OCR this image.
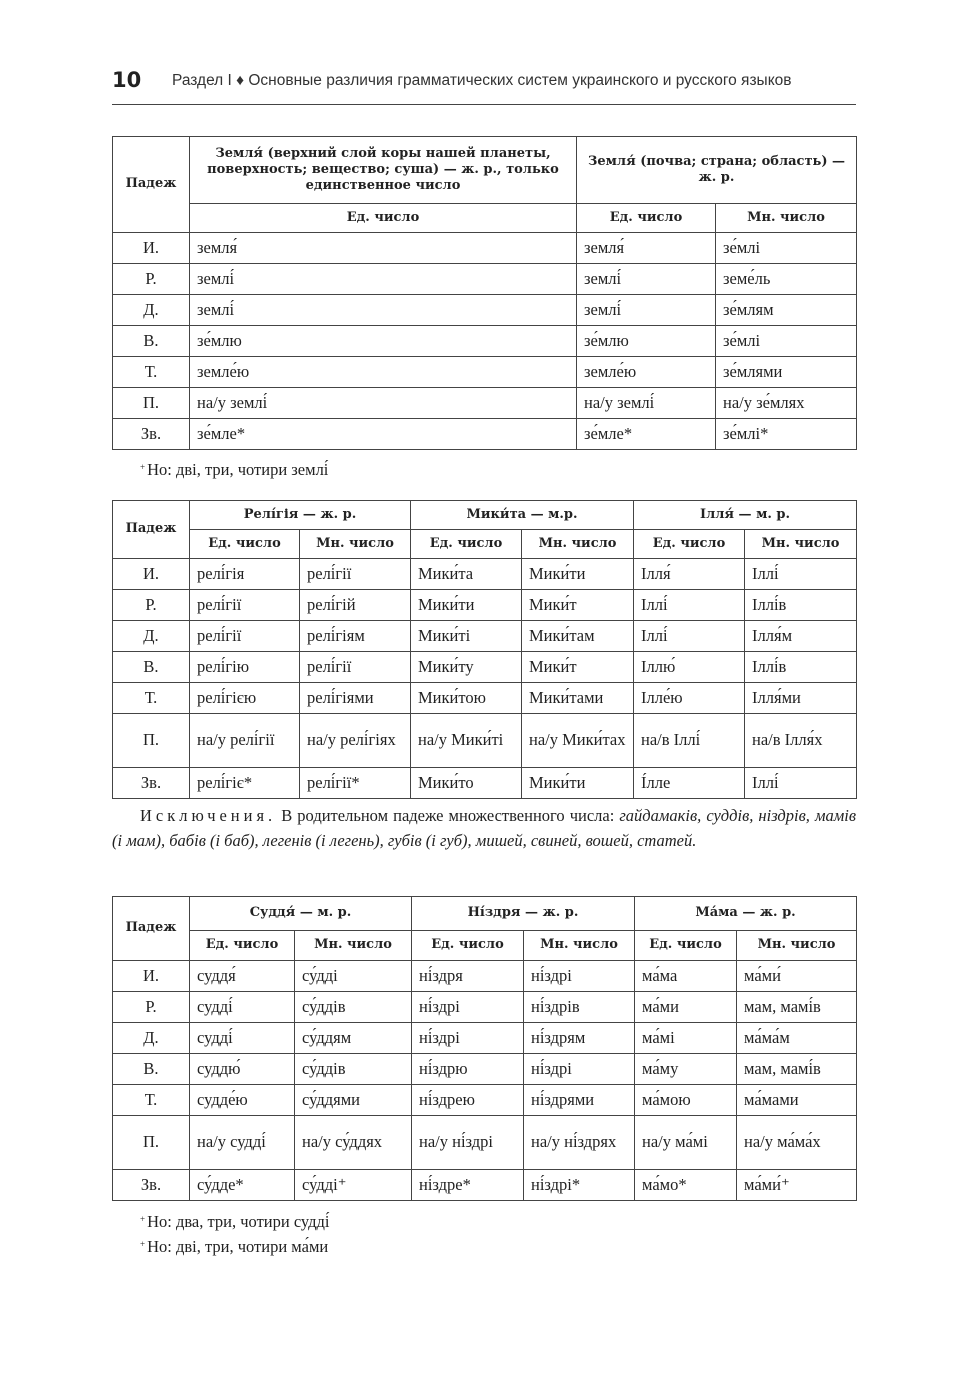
10 Раздел I ♦ Основные различия грамматических систем украинского и русского языков
Падеж	Земля́ (верхний слой коры нашей планеты, поверхность; вещество; суша) — ж. р., только единственное число	Земля́ (почва; страна; область) — ж. р.	
	Ед. число	Ед. число	Мн. число
И.	земля́	земля́	зе́млі
Р.	землі́	землі́	земе́ль
Д.	землі́	землі́	зе́млям
В.	зе́млю	зе́млю	зе́млі
Т.	земле́ю	земле́ю	зе́млями
П.	на/у землі́	на/у землі́	на/у зе́млях
Зв.	зе́мле*	зе́мле*	зе́млі*
+ Но: дві, три, чотири землі́
Падеж	Релі́гія — ж. р.		Мики́та — м.р.		Ілля́ — м. р.	
	Ед. число	Мн. число	Ед. число	Мн. число	Ед. число	Мн. число
И.	релі́гія	релі́гії	Мики́та	Мики́ти	Ілля́	Іллі́
Р.	релі́гії	релі́гій	Мики́ти	Мики́т	Іллі́	Іллі́в
Д.	релі́гії	релі́гіям	Мики́ті	Мики́там	Іллі́	Ілля́м
В.	релі́гію	релі́гії	Мики́ту	Мики́т	Іллю́	Іллі́в
Т.	релі́гією	релі́гіями	Мики́тою	Мики́тами	Ілле́ю	Ілля́ми
П.	на/у релі́гії	на/у релі́гіях	на/у Мики́ті	на/у Мики́тах	на/в Іллі́	на/в Ілля́х
Зв.	релі́гіє*	релі́гії*	Мики́то	Мики́ти	І́лле	Іллі́
Исключения. В родительном падеже множественного числа: гайдамаків, суддів, ніздрів, мамів (і мам), бабів (і баб), легенів (і легень), губів (і губ), мишей, свиней, вошей, статей.
Падеж	Суддя́ — м. р.		Ні́здря — ж. р.		Ма́ма — ж. р.	
	Ед. число	Мн. число	Ед. число	Мн. число	Ед. число	Мн. число
И.	суддя́	су́дді	ні́здря	ні́здрі	ма́ма	ма́ми́
Р.	судді́	су́ддів	ні́здрі	ні́здрів	ма́ми	мам, мамі́в
Д.	судді́	су́ддям	ні́здрі	ні́здрям	ма́мі	ма́ма́м
В.	суддю́	су́ддів	ні́здрю	ні́здрі	ма́му	мам, мамі́в
Т.	судде́ю	су́ддями	ні́здрею	ні́здрями	ма́мою	ма́мами
П.	на/у судді́	на/у су́ддях	на/у ні́здрі	на/у ні́здрях	на/у ма́мі	на/у ма́ма́х
Зв.	су́дде*	су́дді⁺	ні́здре*	ні́здрі*	ма́мо*	ма́ми́⁺
+ Но: два, три, чотири судді́
+ Но: дві, три, чотири ма́ми
